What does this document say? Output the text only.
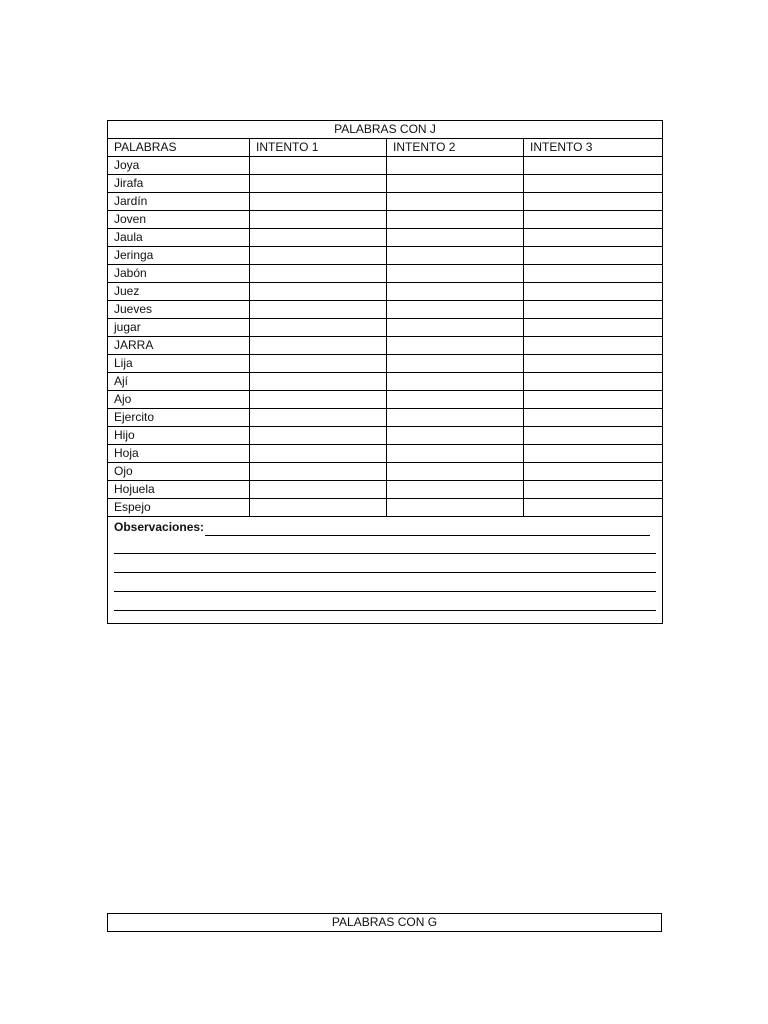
PALABRAS CON J			
PALABRAS	INTENTO 1	INTENTO 2	INTENTO 3
Joya			
Jirafa			
Jardín			
Joven			
Jaula			
Jeringa			
Jabón			
Juez			
Jueves			
jugar			
JARRA			
Lija			
Ají			
Ajo			
Ejercito			
Hijo			
Hoja			
Ojo			
Hojuela			
Espejo			

Observaciones:			
PALABRAS CON G
